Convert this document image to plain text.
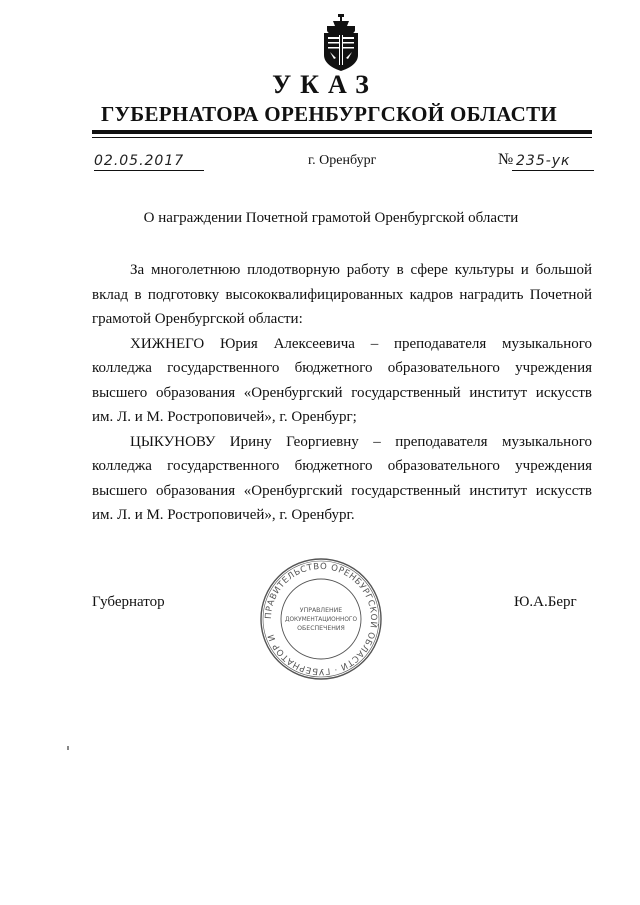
УКАЗ
ГУБЕРНАТОРА ОРЕНБУРГСКОЙ ОБЛАСТИ
02.05.2017	г. Оренбург	№ 235-ук
О награждении Почетной грамотой Оренбургской области

За многолетнюю плодотворную работу в сфере культуры и большой вклад в подготовку высококвалифицированных кадров наградить Почетной грамотой Оренбургской области:

ХИЖНЕГО Юрия Алексеевича – преподавателя музыкального колледжа государственного бюджетного образовательного учреждения высшего образования «Оренбургский государственный институт искусств им. Л. и М. Ростроповичей», г. Оренбург;

ЦЫКУНОВУ Ирину Георгиевну – преподавателя музыкального колледжа государственного бюджетного образовательного учреждения высшего образования «Оренбургский государственный институт искусств им. Л. и М. Ростроповичей», г. Оренбург.

Губернатор	Ю.А.Берг
ПРАВИТЕЛЬСТВО ОРЕНБУРГСКОЙ ОБЛАСТИ · ГУБЕРНАТОР И
УПРАВЛЕНИЕ
ДОКУМЕНТАЦИОННОГО
ОБЕСПЕЧЕНИЯ
